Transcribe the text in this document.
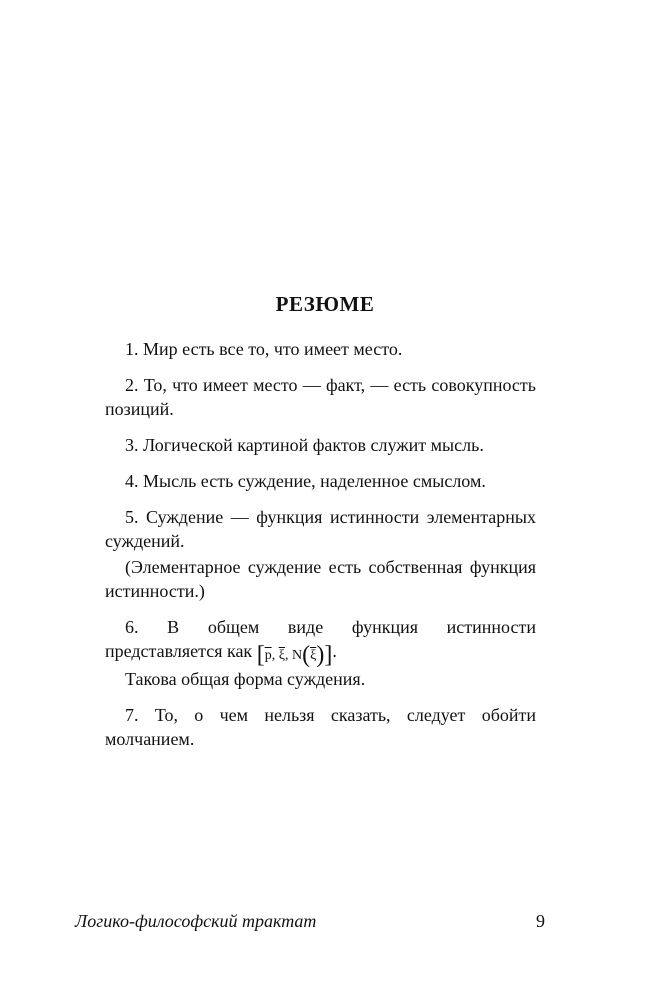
РЕЗЮМЕ

1. Мир есть все то, что имеет место.

2. То, что имеет место — факт, — есть совокупность позиций.

3. Логической картиной фактов служит мысль.

4. Мысль есть суждение, наделенное смыслом.

5. Суждение — функция истинности элементарных суждений.

(Элементарное суждение есть собственная функция истинности.)

6. В общем виде функция истинности представляется как [$\overline{p}$, $\overline{\xi}$, $N(\overline{\xi})$].

Такова общая форма суждения.

7. То, о чем нельзя сказать, следует обойти молчанием.

Логико-философский трактат	9
